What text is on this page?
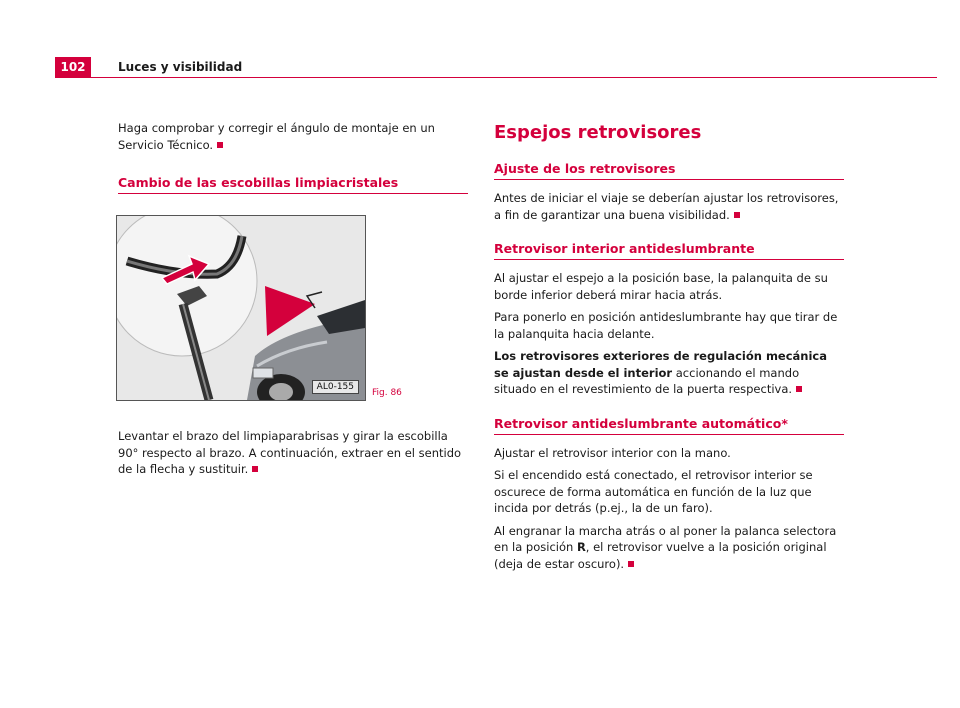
102	Luces y visibilidad

Haga comprobar y corregir el ángulo de montaje en un Servicio Técnico.

Cambio de las escobillas limpiacristales
AL0-155
Fig. 86

Levantar el brazo del limpiaparabrisas y girar la escobilla 90° respecto al brazo. A continuación, extraer en el sentido de la flecha y sustituir.

Espejos retrovisores
Ajuste de los retrovisores

Antes de iniciar el viaje se deberían ajustar los retrovisores, a fin de garantizar una buena visibilidad.

Retrovisor interior antideslumbrante

Al ajustar el espejo a la posición base, la palanquita de su borde inferior deberá mirar hacia atrás.

Para ponerlo en posición antideslumbrante hay que tirar de la palanquita hacia delante.

Los retrovisores exteriores de regulación mecánica se ajustan desde el interior accionando el mando situado en el revestimiento de la puerta respectiva.

Retrovisor antideslumbrante automático*

Ajustar el retrovisor interior con la mano.

Si el encendido está conectado, el retrovisor interior se oscurece de forma automática en función de la luz que incida por detrás (p.ej., la de un faro).

Al engranar la marcha atrás o al poner la palanca selectora en la posición R, el retrovisor vuelve a la posición original (deja de estar oscuro).
